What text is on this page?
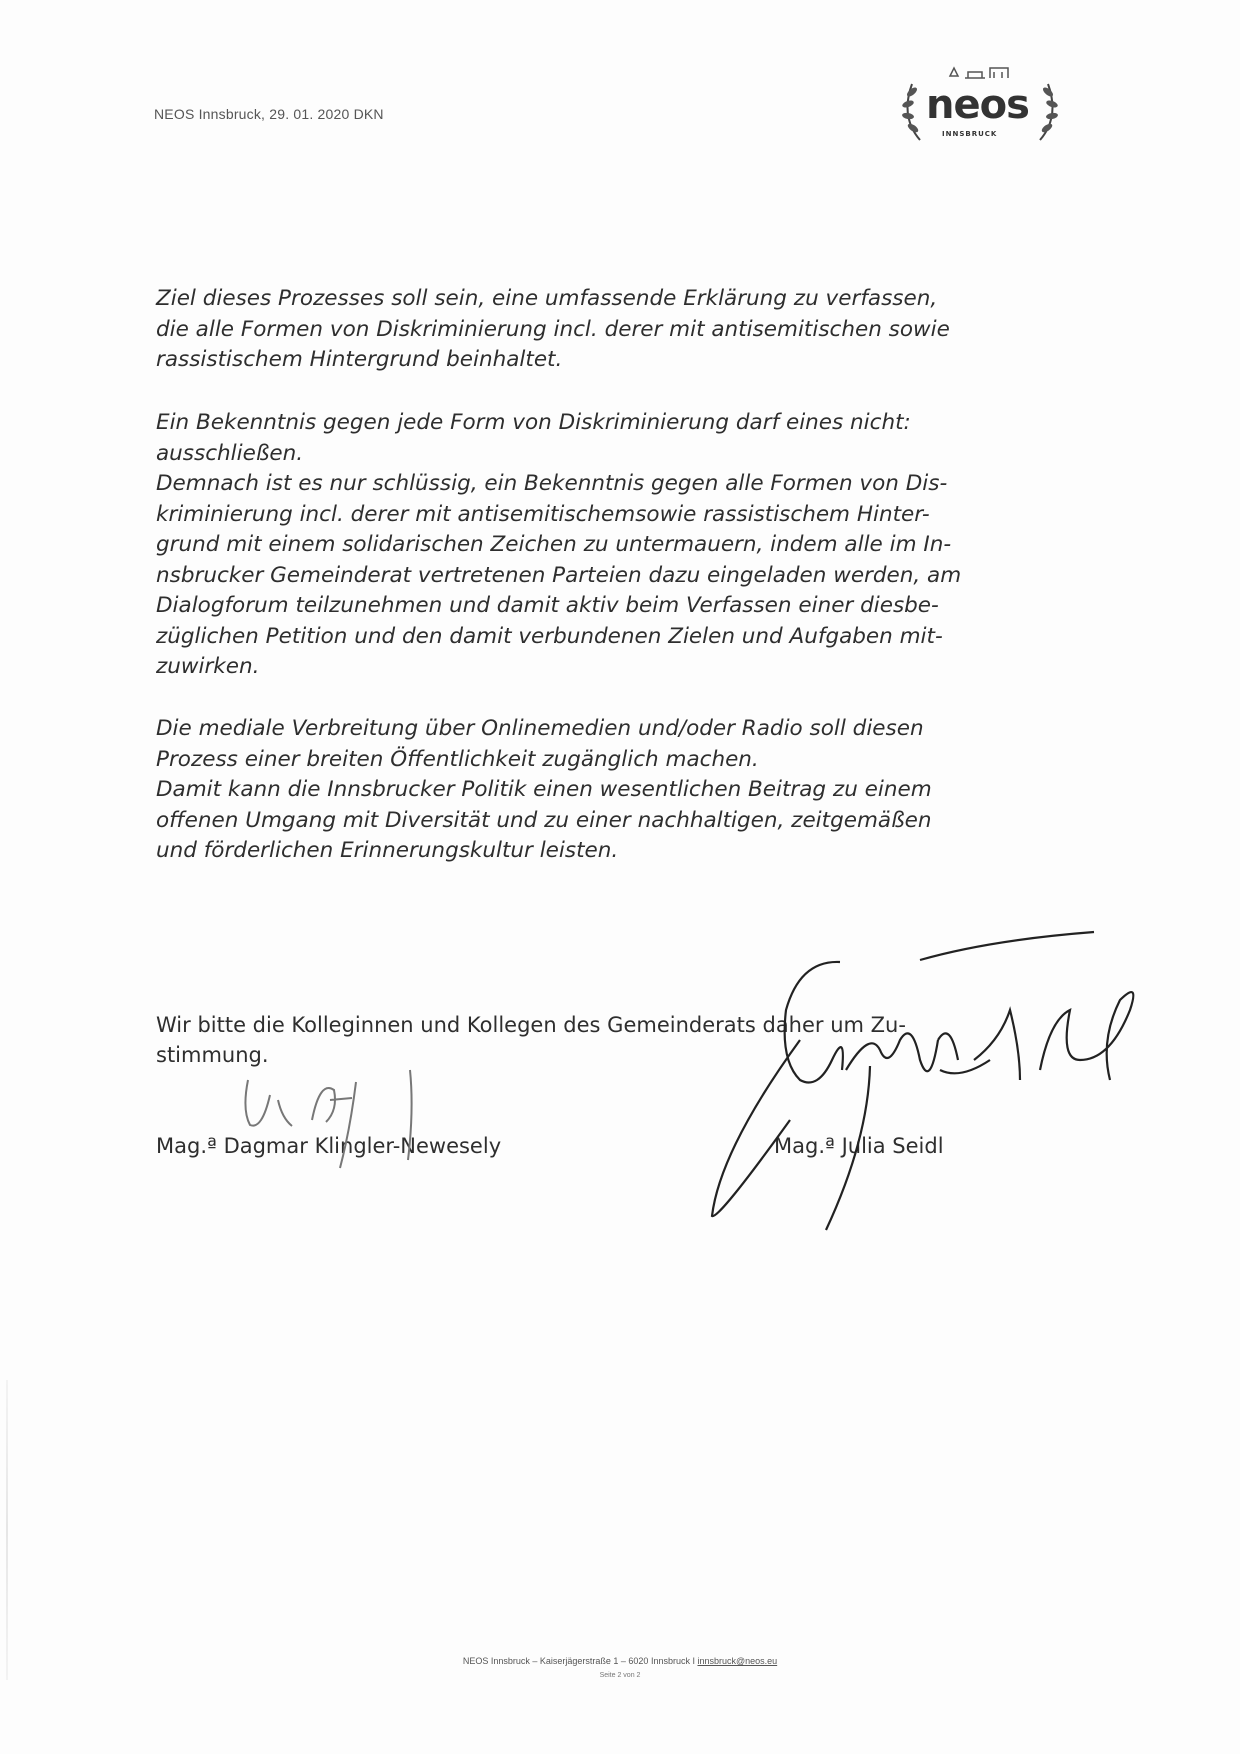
NEOS Innsbruck, 29. 01. 2020 DKN	neos
INNSBRUCK

Ziel dieses Prozesses soll sein, eine umfassende Erklärung zu verfassen,

die alle Formen von Diskriminierung incl. derer mit antisemitischen sowie

rassistischem Hintergrund beinhaltet.

Ein Bekenntnis gegen jede Form von Diskriminierung darf eines nicht:

ausschließen.

Demnach ist es nur schlüssig, ein Bekenntnis gegen alle Formen von Dis-

kriminierung incl. derer mit antisemitischemsowie rassistischem Hinter-

grund mit einem solidarischen Zeichen zu untermauern, indem alle im In-

nsbrucker Gemeinderat vertretenen Parteien dazu eingeladen werden, am

Dialogforum teilzunehmen und damit aktiv beim Verfassen einer diesbe-

züglichen Petition und den damit verbundenen Zielen und Aufgaben mit-

zuwirken.

Die mediale Verbreitung über Onlinemedien und/oder Radio soll diesen

Prozess einer breiten Öffentlichkeit zugänglich machen.

Damit kann die Innsbrucker Politik einen wesentlichen Beitrag zu einem

offenen Umgang mit Diversität und zu einer nachhaltigen, zeitgemäßen

und förderlichen Erinnerungskultur leisten.

Wir bitte die Kolleginnen und Kollegen des Gemeinderats daher um Zu-
stimmung.
Mag.ª Dagmar Klingler-Newesely	Mag.ª Julia Seidl
NEOS Innsbruck – Kaiserjägerstraße 1 – 6020 Innsbruck I innsbruck@neos.eu
Seite 2 von 2
